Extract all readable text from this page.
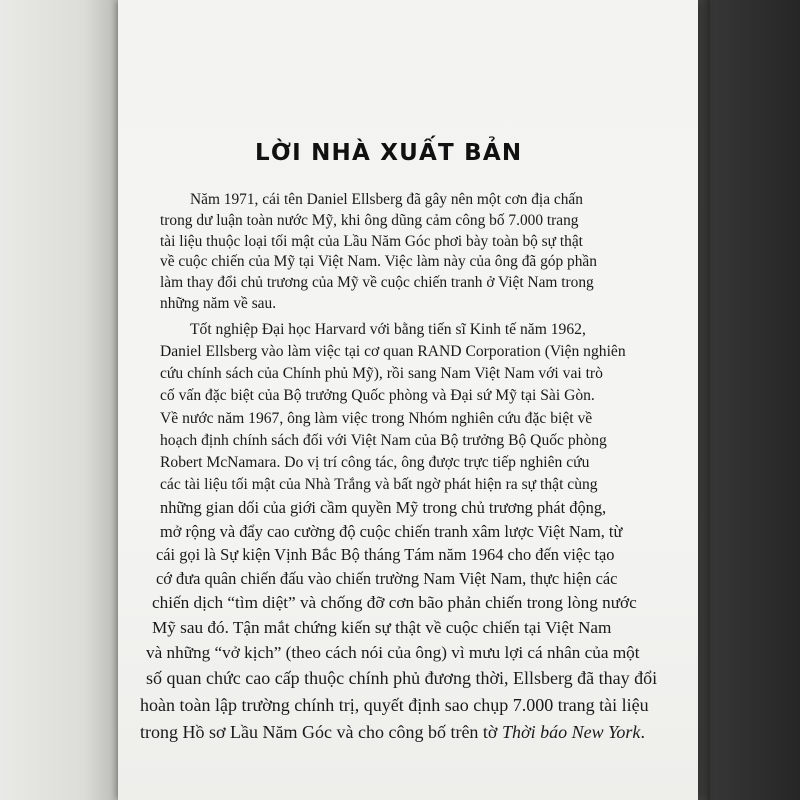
LỜI NHÀ XUẤT BẢN

Năm 1971, cái tên Daniel Ellsberg đã gây nên một cơn địa chấn
trong dư luận toàn nước Mỹ, khi ông dũng cảm công bố 7.000 trang
tài liệu thuộc loại tối mật của Lầu Năm Góc phơi bày toàn bộ sự thật
về cuộc chiến của Mỹ tại Việt Nam. Việc làm này của ông đã góp phần
làm thay đổi chủ trương của Mỹ về cuộc chiến tranh ở Việt Nam trong
những năm về sau.

Tốt nghiệp Đại học Harvard với bằng tiến sĩ Kinh tế năm 1962,
Daniel Ellsberg vào làm việc tại cơ quan RAND Corporation (Viện nghiên
cứu chính sách của Chính phủ Mỹ), rồi sang Nam Việt Nam với vai trò
cố vấn đặc biệt của Bộ trưởng Quốc phòng và Đại sứ Mỹ tại Sài Gòn.
Về nước năm 1967, ông làm việc trong Nhóm nghiên cứu đặc biệt về
hoạch định chính sách đối với Việt Nam của Bộ trưởng Bộ Quốc phòng
Robert McNamara. Do vị trí công tác, ông được trực tiếp nghiên cứu
các tài liệu tối mật của Nhà Trắng và bất ngờ phát hiện ra sự thật cùng
những gian dối của giới cầm quyền Mỹ trong chủ trương phát động,
mở rộng và đẩy cao cường độ cuộc chiến tranh xâm lược Việt Nam, từ
cái gọi là Sự kiện Vịnh Bắc Bộ tháng Tám năm 1964 cho đến việc tạo
cớ đưa quân chiến đấu vào chiến trường Nam Việt Nam, thực hiện các
chiến dịch “tìm diệt” và chống đỡ cơn bão phản chiến trong lòng nước
Mỹ sau đó. Tận mắt chứng kiến sự thật về cuộc chiến tại Việt Nam
và những “vở kịch” (theo cách nói của ông) vì mưu lợi cá nhân của một
số quan chức cao cấp thuộc chính phủ đương thời, Ellsberg đã thay đổi
hoàn toàn lập trường chính trị, quyết định sao chụp 7.000 trang tài liệu
trong Hồ sơ Lầu Năm Góc và cho công bố trên tờ Thời báo New York.
